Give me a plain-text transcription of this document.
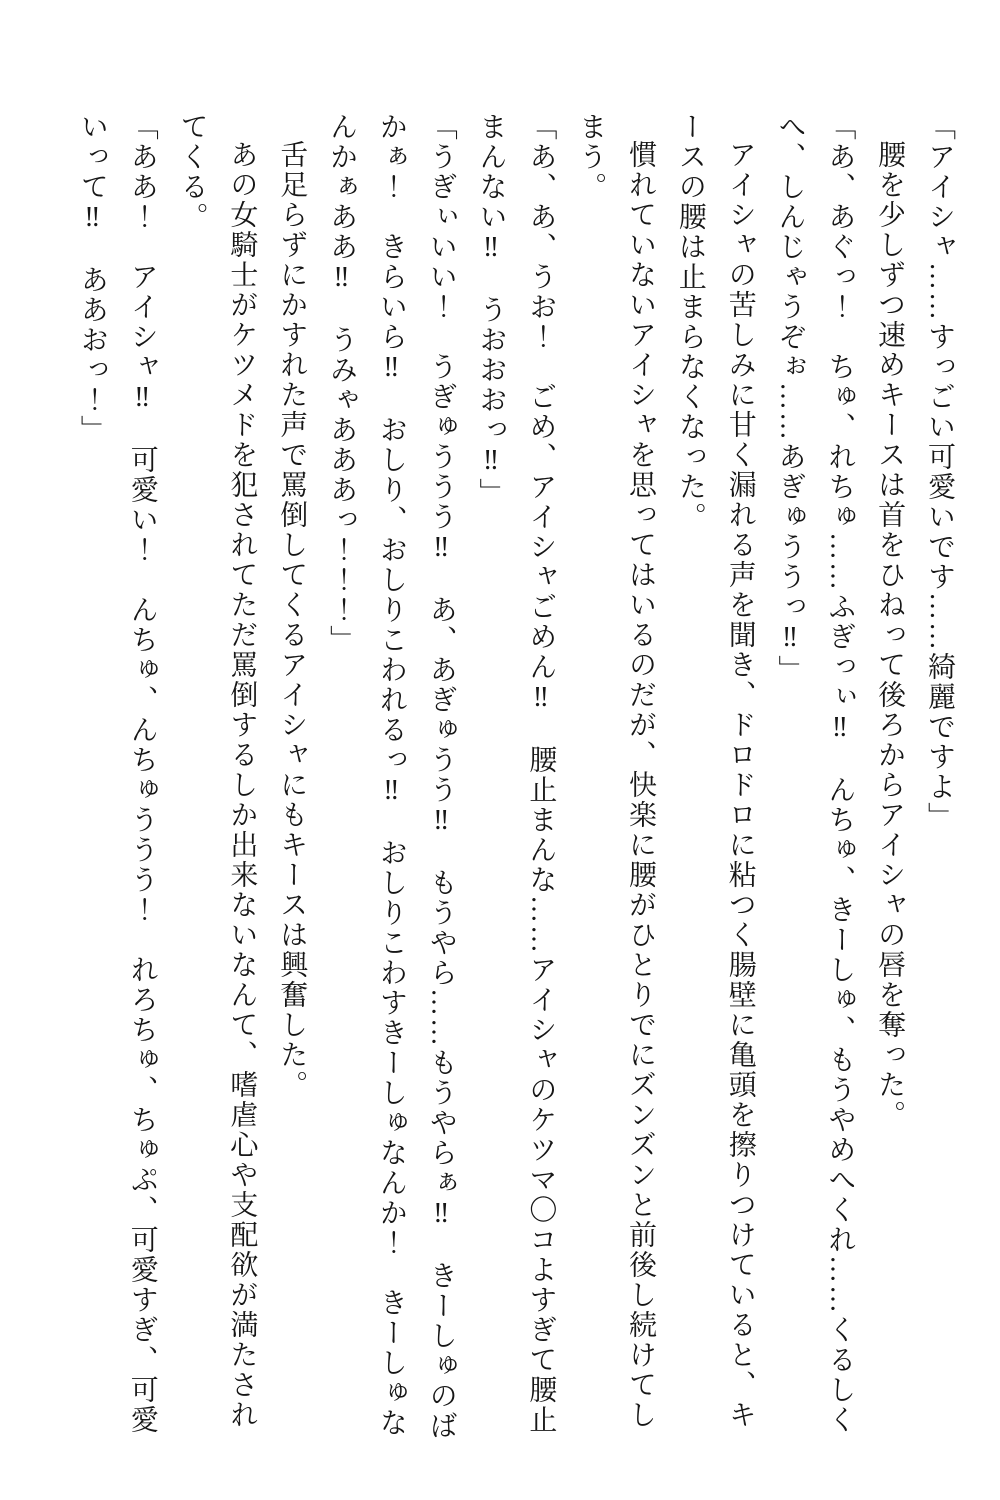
「アイシャ……すっごい可愛いです……綺麗ですよ」

腰を少しずつ速めキースは首をひねって後ろからアイシャの唇を奪った。

「あ、あぐっ！　ちゅ、れちゅ……ふぎっぃ‼　んちゅ、きーしゅ、もうやめへくれ……くるしくへ、しんじゃうぞぉ……あぎゅううっ‼」

アイシャの苦しみに甘く漏れる声を聞き、ドロドロに粘つく腸壁に亀頭を擦りつけていると、キースの腰は止まらなくなった。

慣れていないアイシャを思ってはいるのだが、快楽に腰がひとりでにズンズンと前後し続けてしまう。

「あ、あ、うお！　ごめ、アイシャごめん‼　腰止まんな……アイシャのケツマ〇コよすぎて腰止まんない‼　うおおおっ‼」

「うぎぃいい！　うぎゅううう‼　あ、あぎゅうう‼　もうやら……もうやらぁ‼　きーしゅのばかぁ！　きらいら‼　おしり、おしりこわれるっ‼　おしりこわすきーしゅなんか！　きーしゅなんかぁああ‼　うみゃあああっ！！！」

舌足らずにかすれた声で罵倒してくるアイシャにもキースは興奮した。

あの女騎士がケツメドを犯されてただ罵倒するしか出来ないなんて、嗜虐心や支配欲が満たされてくる。

「ああ！　アイシャ‼　可愛い！　んちゅ、んちゅううう！　れろちゅ、ちゅぷ、可愛すぎ、可愛いって‼　ああおっ！」
